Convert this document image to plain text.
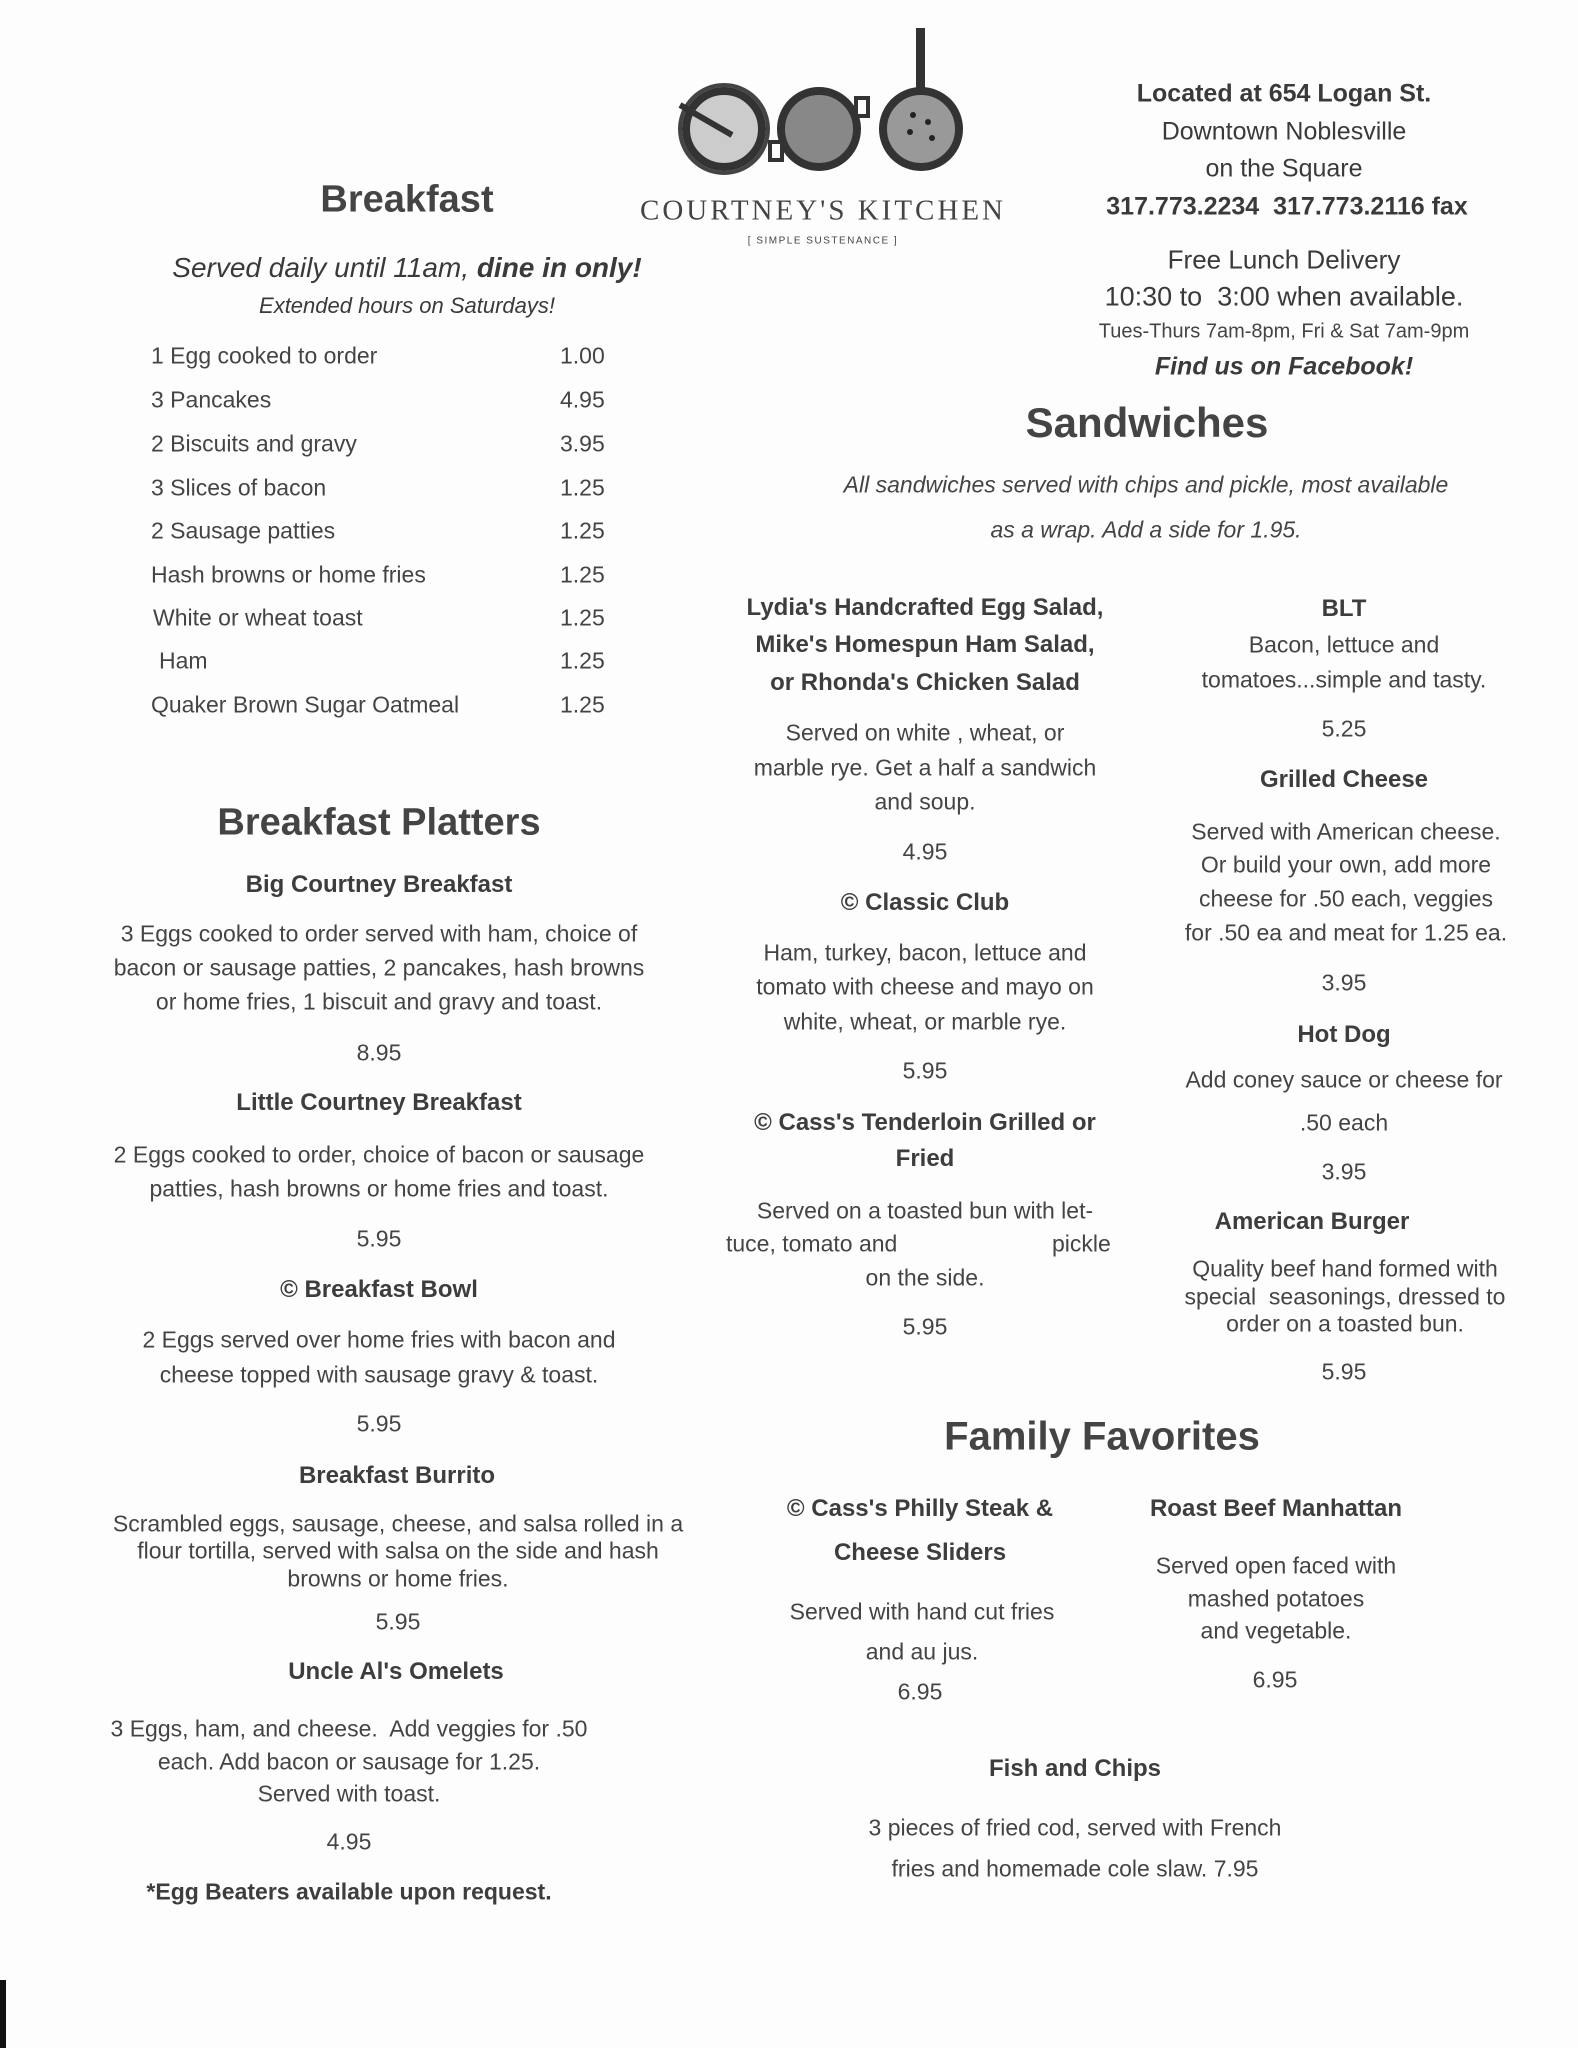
COURTNEY'S KITCHEN
[ SIMPLE SUSTENANCE ]
Located at 654 Logan St.
Downtown Noblesville
on the Square
317.773.2234 317.773.2116 fax
Free Lunch Delivery
10:30 to  3:00 when available.
Tues-Thurs 7am-8pm, Fri & Sat 7am-9pm
Find us on Facebook!
Breakfast
Served daily until 11am, dine in only!
Extended hours on Saturdays!
1 Egg cooked to order	1.00
3 Pancakes	4.95
2 Biscuits and gravy	3.95
3 Slices of bacon	1.25
2 Sausage patties	1.25
Hash browns or home fries	1.25
White or wheat toast	1.25
Ham	1.25
Quaker Brown Sugar Oatmeal	1.25
Breakfast Platters
Big Courtney Breakfast
3 Eggs cooked to order served with ham, choice of
bacon or sausage patties, 2 pancakes, hash browns
or home fries, 1 biscuit and gravy and toast.
8.95
Little Courtney Breakfast
2 Eggs cooked to order, choice of bacon or sausage
patties, hash browns or home fries and toast.
5.95
© Breakfast Bowl
2 Eggs served over home fries with bacon and
cheese topped with sausage gravy & toast.
5.95
Breakfast Burrito
Scrambled eggs, sausage, cheese, and salsa rolled in a
flour tortilla, served with salsa on the side and hash
browns or home fries.
5.95
Uncle Al's Omelets
3 Eggs, ham, and cheese.  Add veggies for .50
each. Add bacon or sausage for 1.25.
Served with toast.
4.95
*Egg Beaters available upon request.
Sandwiches
All sandwiches served with chips and pickle, most available
as a wrap. Add a side for 1.95.
Lydia's Handcrafted Egg Salad,
Mike's Homespun Ham Salad,
or Rhonda's Chicken Salad
Served on white , wheat, or
marble rye. Get a half a sandwich
and soup.
4.95
© Classic Club
Ham, turkey, bacon, lettuce and
tomato with cheese and mayo on
white, wheat, or marble rye.
5.95
© Cass's Tenderloin Grilled or
Fried
Served on a toasted bun with let-
tuce, tomato and	pickle
on the side.
5.95
BLT
Bacon, lettuce and
tomatoes...simple and tasty.
5.25
Grilled Cheese
Served with American cheese.
Or build your own, add more
cheese for .50 each, veggies
for .50 ea and meat for 1.25 ea.
3.95
Hot Dog
Add coney sauce or cheese for
.50 each
3.95
American Burger
Quality beef hand formed with
special  seasonings, dressed to
order on a toasted bun.
5.95
Family Favorites
© Cass's Philly Steak &
Cheese Sliders
Served with hand cut fries
and au jus.
6.95
Roast Beef Manhattan
Served open faced with
mashed potatoes
and vegetable.
6.95
Fish and Chips
3 pieces of fried cod, served with French
fries and homemade cole slaw. 7.95
